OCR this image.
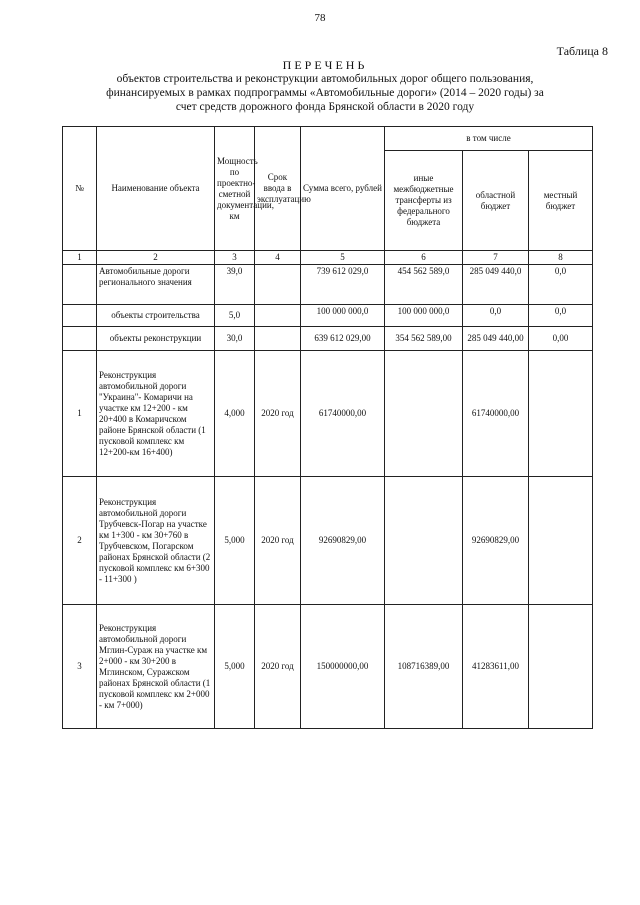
78
Таблица 8
ПЕРЕЧЕНЬ
объектов строительства и реконструкции автомобильных дорог общего пользования,
финансируемых в рамках подпрограммы «Автомобильные дороги» (2014 – 2020 годы) за
счет средств дорожного фонда Брянской области в 2020 году
№	Наименование объекта	Мощность по проектно-сметной документации, км	Срок ввода в эксплуатацию	Сумма всего, рублей	в том числе		
					иные межбюджетные трансферты из федерального бюджета	областной бюджет	местный бюджет
1	2	3	4	5	6	7	8
	Автомобильные дороги регионального значения	39,0		739 612 029,0	454 562 589,0	285 049 440,0	0,0
	объекты строительства	5,0		100 000 000,0	100 000 000,0	0,0	0,0
	объекты реконструкции	30,0		639 612 029,00	354 562 589,00	285 049 440,00	0,00
1	Реконструкция автомобильной дороги "Украина"- Комаричи на участке км 12+200 - км 20+400 в Комаричском районе Брянской области (1 пусковой комплекс км 12+200-км 16+400)	4,000	2020 год	61740000,00		61740000,00	
2	Реконструкция автомобильной дороги Трубчевск-Погар на участке км 1+300 - км 30+760 в Трубчевском, Погарском районах Брянской области (2 пусковой комплекс км 6+300 - 11+300 )	5,000	2020 год	92690829,00		92690829,00	
3	Реконструкция автомобильной дороги Мглин-Сураж на участке км 2+000 - км 30+200 в Мглинском, Суражском районах Брянской области (1 пусковой комплекс км 2+000 - км 7+000)	5,000	2020 год	150000000,00	108716389,00	41283611,00	
